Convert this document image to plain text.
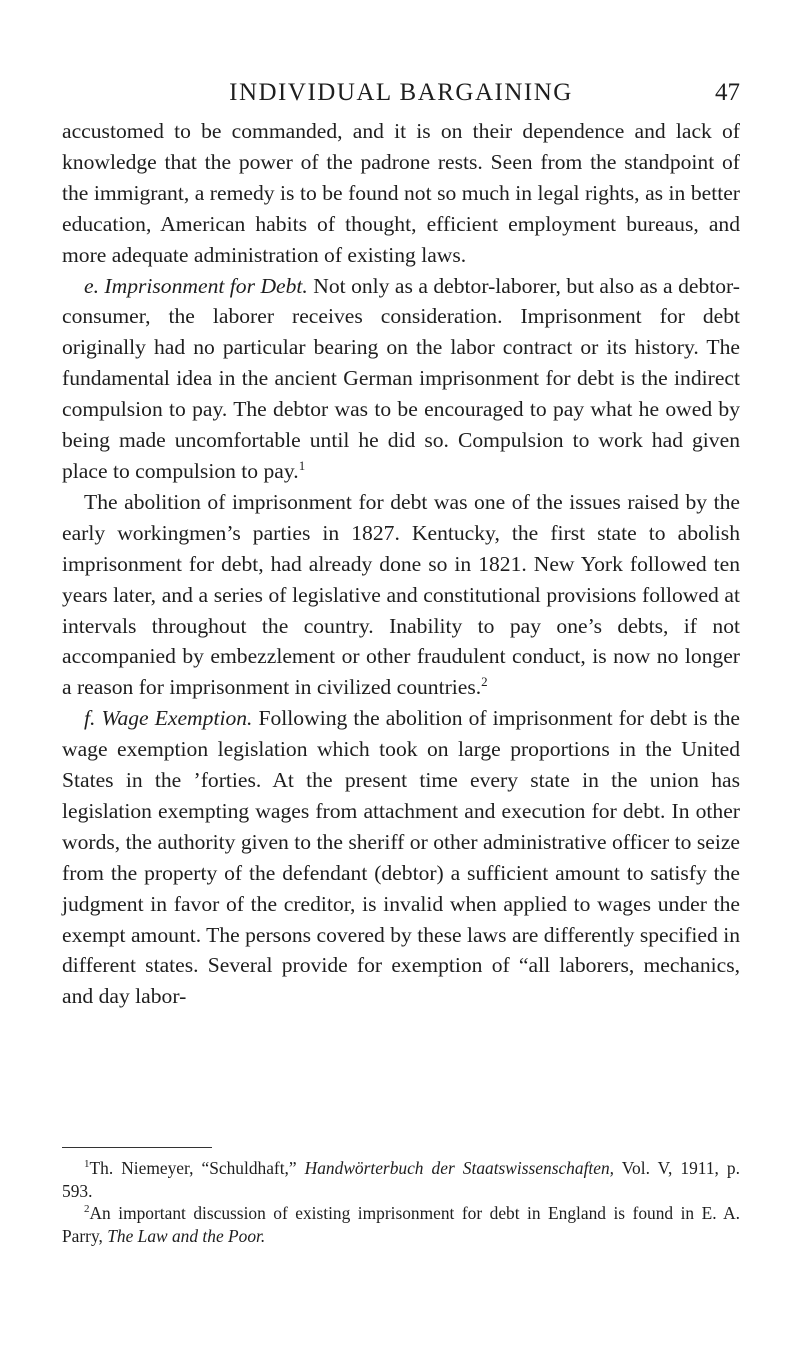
INDIVIDUAL BARGAINING	47

accustomed to be commanded, and it is on their dependence and lack of knowledge that the power of the padrone rests. Seen from the standpoint of the immigrant, a remedy is to be found not so much in legal rights, as in better education, American habits of thought, efficient employment bureaus, and more adequate administration of existing laws.

e. Imprisonment for Debt. Not only as a debtor-laborer, but also as a debtor-consumer, the laborer receives consideration. Imprisonment for debt originally had no particular bearing on the labor contract or its history. The fundamental idea in the ancient German imprisonment for debt is the indirect compulsion to pay. The debtor was to be encouraged to pay what he owed by being made uncomfortable until he did so. Compulsion to work had given place to compulsion to pay.$^1$

The abolition of imprisonment for debt was one of the issues raised by the early workingmen’s parties in 1827. Kentucky, the first state to abolish imprisonment for debt, had already done so in 1821. New York followed ten years later, and a series of legislative and constitutional provisions followed at intervals throughout the country. Inability to pay one’s debts, if not accompanied by embezzlement or other fraudulent conduct, is now no longer a reason for imprisonment in civilized countries.$^2$

f. Wage Exemption. Following the abolition of imprisonment for debt is the wage exemption legislation which took on large proportions in the United States in the ’forties. At the present time every state in the union has legislation exempting wages from attachment and execution for debt. In other words, the authority given to the sheriff or other administrative officer to seize from the property of the defendant (debtor) a sufficient amount to satisfy the judgment in favor of the creditor, is invalid when applied to wages under the exempt amount. The persons covered by these laws are differently specified in different states. Several provide for exemption of “all laborers, mechanics, and day labor-

$^1$Th. Niemeyer, “Schuldhaft,” Handwörterbuch der Staatswissenschaften, Vol. V, 1911, p. 593.

$^2$An important discussion of existing imprisonment for debt in England is found in E. A. Parry, The Law and the Poor.
